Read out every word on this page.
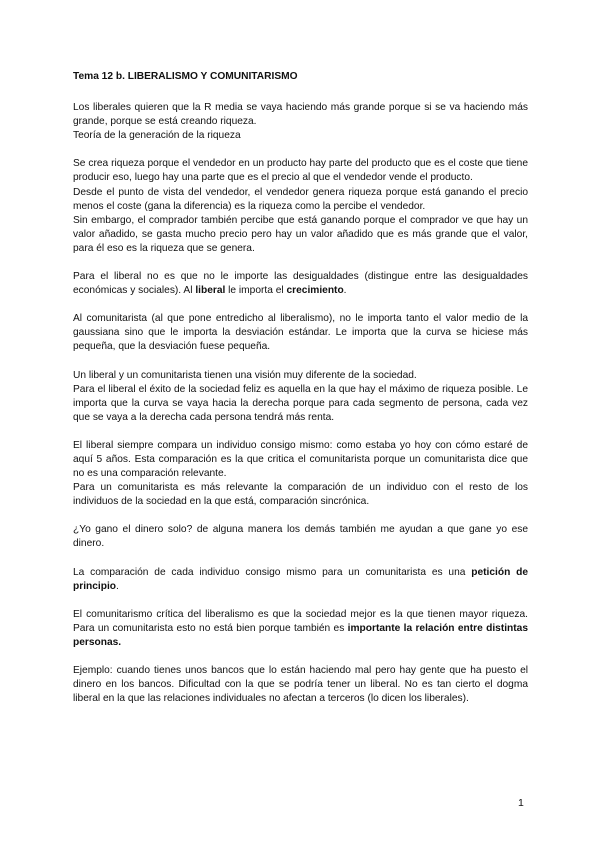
Tema 12 b. LIBERALISMO Y COMUNITARISMO

Los liberales quieren que la R media se vaya haciendo más grande porque si se va haciendo más grande, porque se está creando riqueza.

Teoría de la generación de la riqueza

Se crea riqueza porque el vendedor en un producto hay parte del producto que es el coste que tiene producir eso, luego hay una parte que es el precio al que el vendedor vende el producto.

Desde el punto de vista del vendedor, el vendedor genera riqueza porque está ganando el precio menos el coste (gana la diferencia) es la riqueza como la percibe el vendedor.

Sin embargo, el comprador también percibe que está ganando porque el comprador ve que hay un valor añadido, se gasta mucho precio pero hay un valor añadido que es más grande que el valor, para él eso es la riqueza que se genera.

Para el liberal no es que no le importe las desigualdades (distingue entre las desigualdades económicas y sociales). Al liberal le importa el crecimiento.

Al comunitarista (al que pone entredicho al liberalismo), no le importa tanto el valor medio de la gaussiana sino que le importa la desviación estándar. Le importa que la curva se hiciese más pequeña, que la desviación fuese pequeña.

Un liberal y un comunitarista tienen una visión muy diferente de la sociedad.

Para el liberal el éxito de la sociedad feliz es aquella en la que hay el máximo de riqueza posible. Le importa que la curva se vaya hacia la derecha porque para cada segmento de persona, cada vez que se vaya a la derecha cada persona tendrá más renta.

El liberal siempre compara un individuo consigo mismo: como estaba yo hoy con cómo estaré de aquí 5 años. Esta comparación es la que critica el comunitarista porque un comunitarista dice que no es una comparación relevante.

Para un comunitarista es más relevante la comparación de un individuo con el resto de los individuos de la sociedad en la que está, comparación sincrónica.

¿Yo gano el dinero solo? de alguna manera los demás también me ayudan a que gane yo ese dinero.

La comparación de cada individuo consigo mismo para un comunitarista es una petición de principio.

El comunitarismo crítica del liberalismo es que la sociedad mejor es la que tienen mayor riqueza. Para un comunitarista esto no está bien porque también es importante la relación entre distintas personas.

Ejemplo: cuando tienes unos bancos que lo están haciendo mal pero hay gente que ha puesto el dinero en los bancos. Dificultad con la que se podría tener un liberal. No es tan cierto el dogma liberal en la que las relaciones individuales no afectan a terceros (lo dicen los liberales).

1
